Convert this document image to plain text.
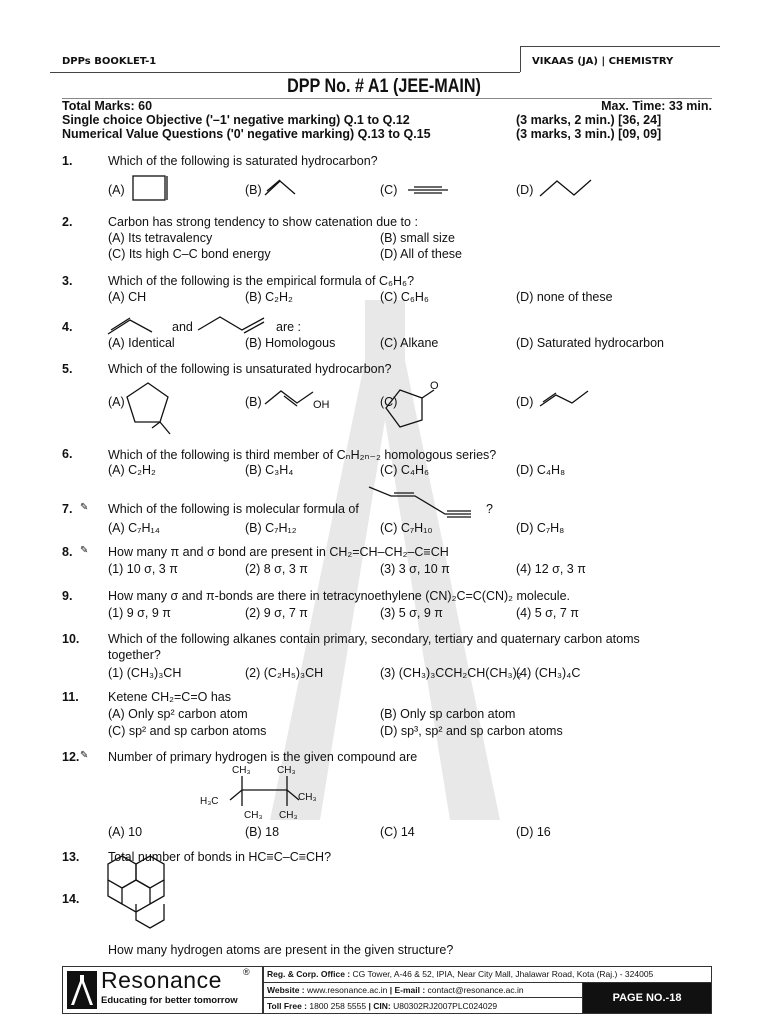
DPPs BOOKLET-1	VIKAAS (JA) | CHEMISTRY
DPP No. # A1 (JEE-MAIN)
Total Marks: 60	Max. Time: 33 min.
Single choice Objective ('–1' negative marking) Q.1 to Q.12	(3 marks, 2 min.) [36, 24]
Numerical Value Questions ('0' negative marking) Q.13 to Q.15	(3 marks, 3 min.) [09, 09]
1.	Which of the following is saturated hydrocarbon?
(A)	(B)	(C)	(D)
2.	Carbon has strong tendency to show catenation due to :
(A) Its tetravalency	(B) small size
(C) Its high C–C bond energy	(D) All of these
3.	Which of the following is the empirical formula of C₆H₆?
(A) CH	(B) C₂H₂	(C) C₆H₆	(D) none of these
4.	and	are :
(A) Identical	(B) Homologous	(C) Alkane	(D) Saturated hydrocarbon
5.	Which of the following is unsaturated hydrocarbon?
(A)	(B)	(C)	(D)
6.	Which of the following is third member of CₙH₂ₙ₋₂ homologous series?
(A) C₂H₂	(B) C₃H₄	(C) C₄H₆	(D) C₄H₈
7. ✎ Which of the following is molecular formula of	?
(A) C₇H₁₄	(B) C₇H₁₂	(C) C₇H₁₀	(D) C₇H₈
8. ✎ How many π and σ bond are present in CH₂=CH–CH₂–C≡CH
(1) 10 σ, 3 π	(2) 8 σ, 3 π	(3) 3 σ, 10 π	(4) 12 σ, 3 π
9.	How many σ and π-bonds are there in tetracynoethylene (CN)₂C=C(CN)₂ molecule.
(1) 9 σ, 9 π	(2) 9 σ, 7 π	(3) 5 σ, 9 π	(4) 5 σ, 7 π
10. Which of the following alkanes contain primary, secondary, tertiary and quaternary carbon atoms
together?
(1) (CH₃)₃CH	(2) (C₂H₅)₃CH	(3) (CH₃)₃CCH₂CH(CH₃)₂
(4) (CH₃)₄C
11. Ketene CH₂=C=O has
(A) Only sp² carbon atom	(B) Only sp carbon atom
(C) sp² and sp carbon atoms	(D) sp³, sp² and sp carbon atoms
12. ✎ Number of primary hydrogen is the given compound are
(A) 10	(B) 18	(C) 14	(D) 16
13. Total number of bonds in HC≡C–C≡CH?
14.
How many hydrogen atoms are present in the given structure?
OH
O
CH₃	CH₃
H₃C	CH₃
CH₃ CH₃
Resonance ®
Educating for better tomorrow
Reg. & Corp. Office : CG Tower, A-46 & 52, IPIA, Near City Mall, Jhalawar Road, Kota (Raj.) - 324005
Website : www.resonance.ac.in | E-mail : contact@resonance.ac.in	PAGE NO.-18
Toll Free : 1800 258 5555 | CIN: U80302RJ2007PLC024029
